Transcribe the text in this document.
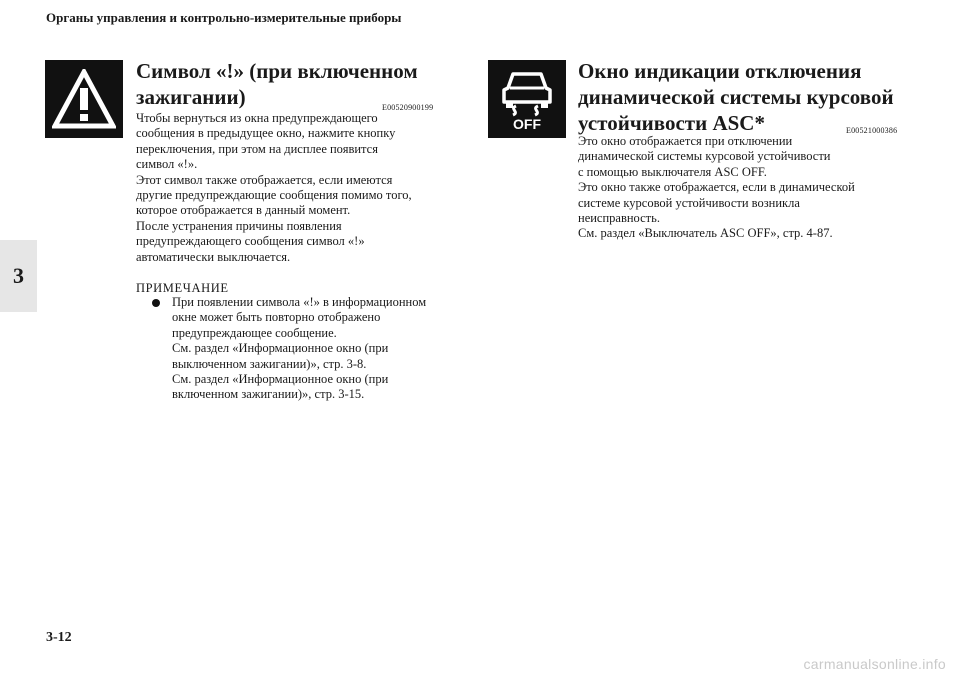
Органы управления и контрольно-измерительные приборы
3
Символ «!» (при включенном
зажигании)	E00520900199

Чтобы вернуться из окна предупреждающего

сообщения в предыдущее окно, нажмите кнопку

переключения, при этом на дисплее появится

символ «!».

Этот символ также отображается, если имеются

другие предупреждающие сообщения помимо того,

которое отображается в данный момент.

После устранения причины появления

предупреждающего сообщения символ «!»

автоматически выключается.

ПРИМЕЧАНИЕ

При появлении символа «!» в информационном

окне может быть повторно отображено

предупреждающее сообщение.

См. раздел «Информационное окно (при

выключенном зажигании)», стр. 3-8.

См. раздел «Информационное окно (при

включенном зажигании)», стр. 3-15.

OFF
Окно индикации отключения
динамической системы курсовой
устойчивости ASC*	E00521000386

Это окно отображается при отключении

динамической системы курсовой устойчивости

с помощью выключателя ASC OFF.

Это окно также отображается, если в динамической

системе курсовой устойчивости возникла

неисправность.

См. раздел «Выключатель ASC OFF», стр. 4-87.

3-12
carmanualsonline.info
